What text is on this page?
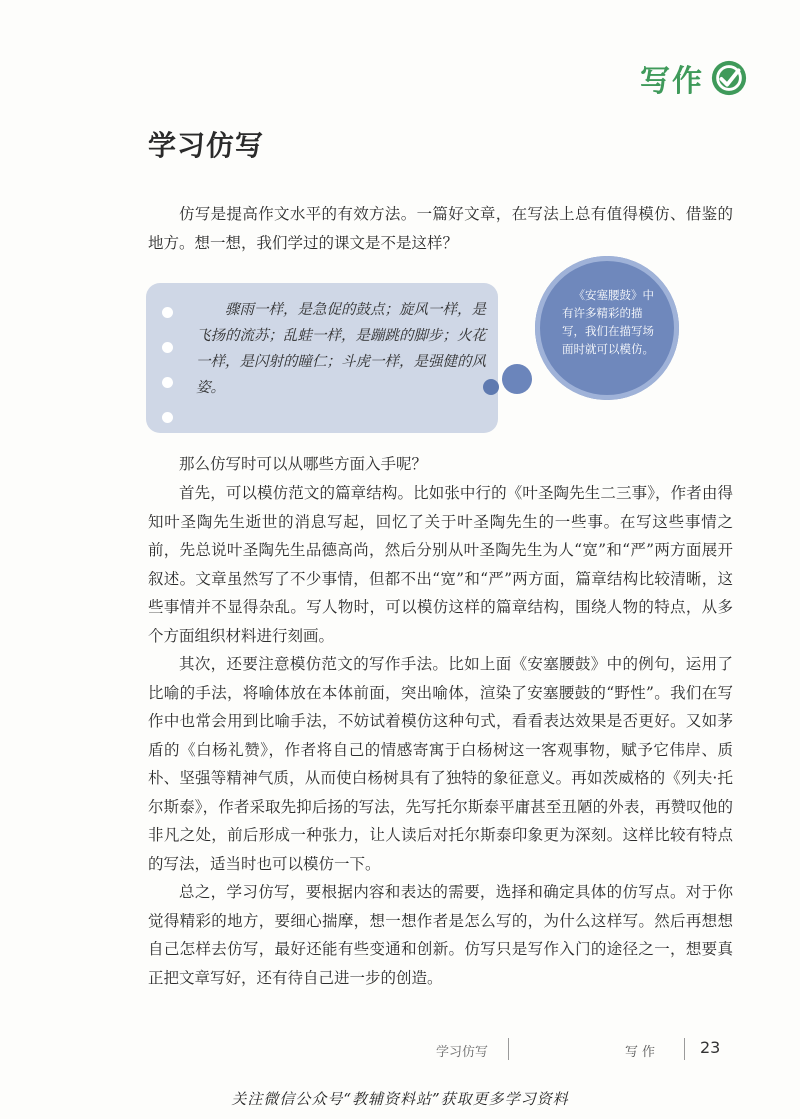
写作
学习仿写

仿写是提高作文水平的有效方法。一篇好文章，在写法上总有值得模仿、借鉴的地方。想一想，我们学过的课文是不是这样？

骤雨一样，是急促的鼓点；旋风一样，是飞扬的流苏；乱蛙一样，是蹦跳的脚步；火花一样，是闪射的瞳仁；斗虎一样，是强健的风姿。

《安塞腰鼓》中有许多精彩的描写，我们在描写场面时就可以模仿。

那么仿写时可以从哪些方面入手呢？

首先，可以模仿范文的篇章结构。比如张中行的《叶圣陶先生二三事》，作者由得知叶圣陶先生逝世的消息写起，回忆了关于叶圣陶先生的一些事。在写这些事情之前，先总说叶圣陶先生品德高尚，然后分别从叶圣陶先生为人“宽”和“严”两方面展开叙述。文章虽然写了不少事情，但都不出“宽”和“严”两方面，篇章结构比较清晰，这些事情并不显得杂乱。写人物时，可以模仿这样的篇章结构，围绕人物的特点，从多个方面组织材料进行刻画。

其次，还要注意模仿范文的写作手法。比如上面《安塞腰鼓》中的例句，运用了比喻的手法，将喻体放在本体前面，突出喻体，渲染了安塞腰鼓的“野性”。我们在写作中也常会用到比喻手法，不妨试着模仿这种句式，看看表达效果是否更好。又如茅盾的《白杨礼赞》，作者将自己的情感寄寓于白杨树这一客观事物，赋予它伟岸、质朴、坚强等精神气质，从而使白杨树具有了独特的象征意义。再如茨威格的《列夫·托尔斯泰》，作者采取先抑后扬的写法，先写托尔斯泰平庸甚至丑陋的外表，再赞叹他的非凡之处，前后形成一种张力，让人读后对托尔斯泰印象更为深刻。这样比较有特点的写法，适当时也可以模仿一下。

总之，学习仿写，要根据内容和表达的需要，选择和确定具体的仿写点。对于你觉得精彩的地方，要细心揣摩，想一想作者是怎么写的，为什么这样写。然后再想想自己怎样去仿写，最好还能有些变通和创新。仿写只是写作入门的途径之一，想要真正把文章写好，还有待自己进一步的创造。

学习仿写	写作	23

关注微信公众号“教辅资料站”获取更多学习资料
